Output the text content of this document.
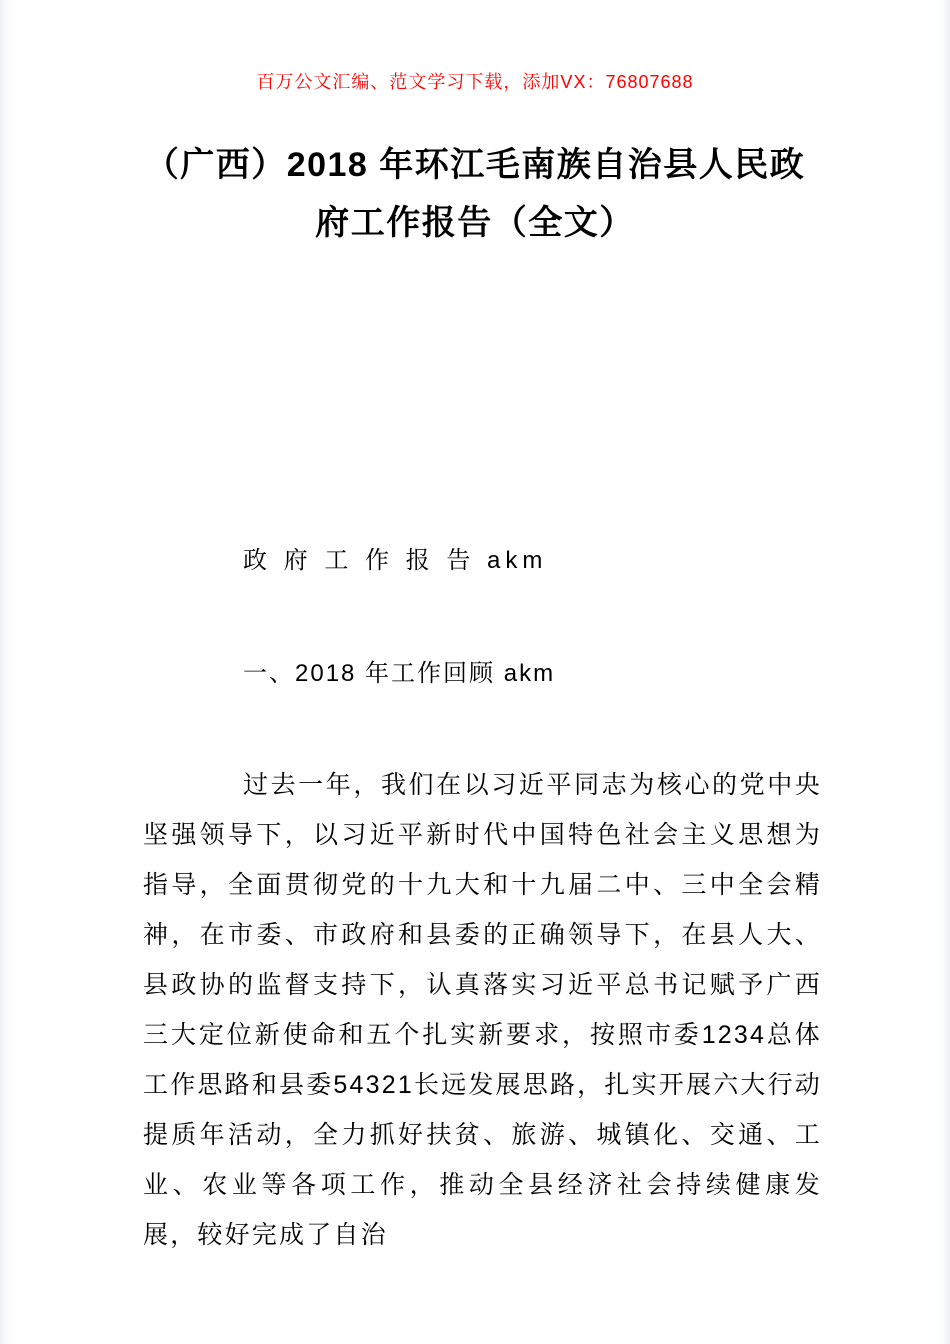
百万公文汇编、范文学习下载，添加VX：76807688
（广西）2018 年环江毛南族自治县人民政
府工作报告（全文）

政 府 工 作 报 告 akm

一、2018 年工作回顾 akm

过去一年，我们在以习近平同志为核心的党中央坚强领导下，以习近平新时代中国特色社会主义思想为指导，全面贯彻党的十九大和十九届二中、三中全会精神，在市委、市政府和县委的正确领导下，在县人大、县政协的监督支持下，认真落实习近平总书记赋予广西三大定位新使命和五个扎实新要求，按照市委1234总体工作思路和县委54321长远发展思路，扎实开展六大行动提质年活动，全力抓好扶贫、旅游、城镇化、交通、工业、农业等各项工作，推动全县经济社会持续健康发展，较好完成了自治
